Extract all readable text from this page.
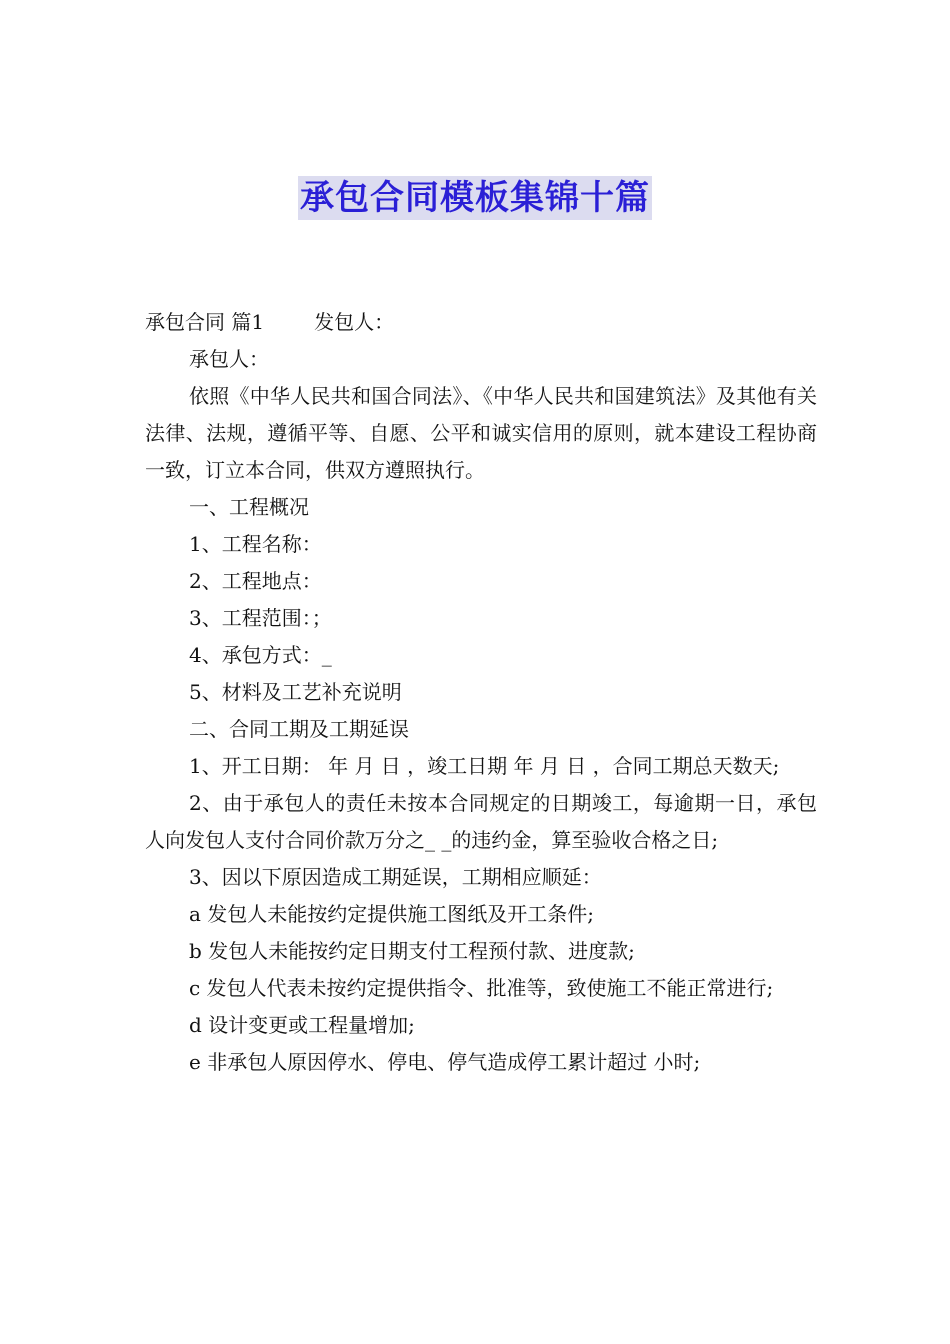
承包合同模板集锦十篇

承包合同 篇1	发包人：

承包人：

依照《中华人民共和国合同法》、《中华人民共和国建筑法》及其他有关法律、法规，遵循平等、自愿、公平和诚实信用的原则，就本建设工程协商一致，订立本合同，供双方遵照执行。

一、工程概况

1、工程名称：

2、工程地点：

3、工程范围：；

4、承包方式：_

5、材料及工艺补充说明

二、合同工期及工期延误

1、开工日期： 年 月 日 ，竣工日期 年 月 日 ，合同工期总天数天;

2、由于承包人的责任未按本合同规定的日期竣工，每逾期一日，承包人向发包人支付合同价款万分之_ _的违约金，算至验收合格之日;

3、因以下原因造成工期延误，工期相应顺延：

a 发包人未能按约定提供施工图纸及开工条件;

b 发包人未能按约定日期支付工程预付款、进度款;

c 发包人代表未按约定提供指令、批准等，致使施工不能正常进行;

d 设计变更或工程量增加;

e 非承包人原因停水、停电、停气造成停工累计超过 小时;
